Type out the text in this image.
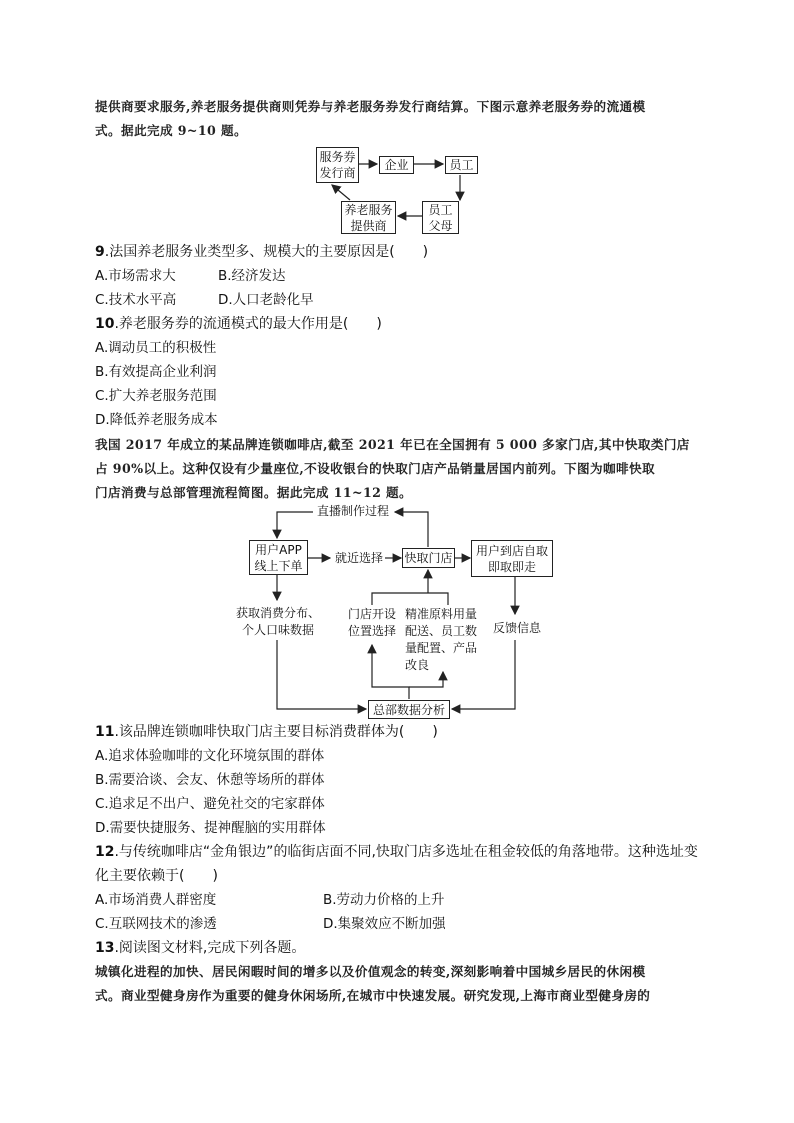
提供商要求服务,养老服务提供商则凭券与养老服务券发行商结算。下图示意养老服务券的流通模
式。据此完成 9~10 题。
服务券
发行商
企业	员工
员工
父母
养老服务
提供商
9.法国养老服务业类型多、规模大的主要原因是(　　)
A.市场需求大	B.经济发达
C.技术水平高	D.人口老龄化早
10.养老服务券的流通模式的最大作用是(　　)
A.调动员工的积极性
B.有效提高企业利润
C.扩大养老服务范围
D.降低养老服务成本
我国 2017 年成立的某品牌连锁咖啡店,截至 2021 年已在全国拥有 5 000 多家门店,其中快取类门店
占 90%以上。这种仅设有少量座位,不设收银台的快取门店产品销量居国内前列。下图为咖啡快取
门店消费与总部管理流程简图。据此完成 11~12 题。
直播制作过程
用户APP
线上下单
就近选择 快取门店
用户到店自取
即取即走
获取消费分布、
个人口味数据
门店开设
位置选择
精准原料用量
配送、员工数
量配置、产品
改良
反馈信息
总部数据分析
11.该品牌连锁咖啡快取门店主要目标消费群体为(　　)
A.追求体验咖啡的文化环境氛围的群体
B.需要洽谈、会友、休憩等场所的群体
C.追求足不出户、避免社交的宅家群体
D.需要快捷服务、提神醒脑的实用群体
12.与传统咖啡店“金角银边”的临街店面不同,快取门店多选址在租金较低的角落地带。这种选址变
化主要依赖于(　　)
A.市场消费人群密度	B.劳动力价格的上升
C.互联网技术的渗透	D.集聚效应不断加强
13.阅读图文材料,完成下列各题。
城镇化进程的加快、居民闲暇时间的增多以及价值观念的转变,深刻影响着中国城乡居民的休闲模
式。商业型健身房作为重要的健身休闲场所,在城市中快速发展。研究发现,上海市商业型健身房的
